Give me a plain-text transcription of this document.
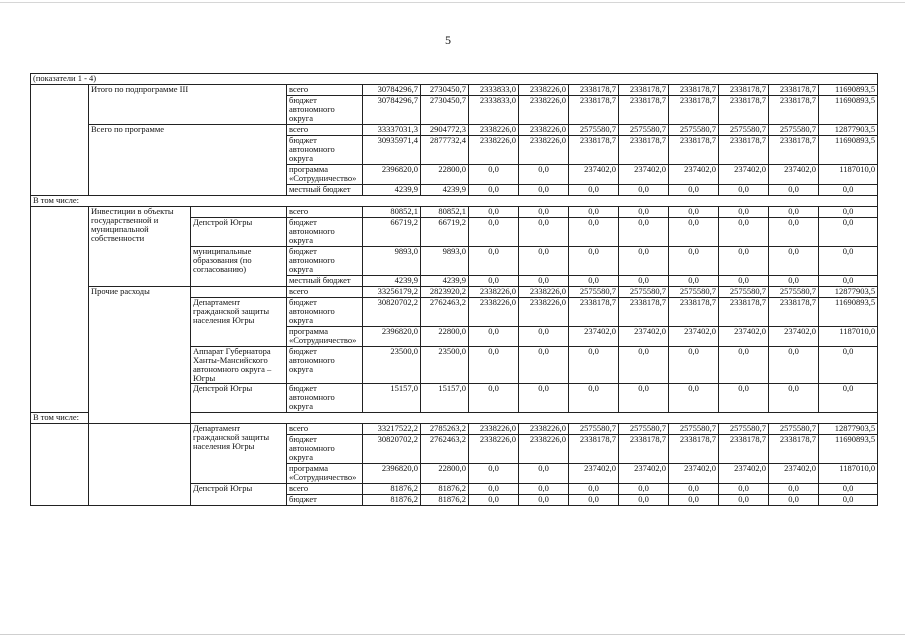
5
(показатели 1 - 4)													
	Итого по подпрограмме III		всего	30784296,7	2730450,7	2333833,0	2338226,0	2338178,7	2338178,7	2338178,7	2338178,7	2338178,7	11690893,5
			бюджет автономного округа	30784296,7	2730450,7	2333833,0	2338226,0	2338178,7	2338178,7	2338178,7	2338178,7	2338178,7	11690893,5
	Всего по программе		всего	33337031,3	2904772,3	2338226,0	2338226,0	2575580,7	2575580,7	2575580,7	2575580,7	2575580,7	12877903,5
			бюджет автономного округа	30935971,4	2877732,4	2338226,0	2338226,0	2338178,7	2338178,7	2338178,7	2338178,7	2338178,7	11690893,5
			программа «Сотрудничество»	2396820,0	22800,0	0,0	0,0	237402,0	237402,0	237402,0	237402,0	237402,0	1187010,0
			местный бюджет	4239,9	4239,9	0,0	0,0	0,0	0,0	0,0	0,0	0,0	0,0
В том числе:													
	Инвестиции в объекты государственной и муниципальной собственности		всего	80852,1	80852,1	0,0	0,0	0,0	0,0	0,0	0,0	0,0	0,0
		Депстрой Югры	бюджет автономного округа	66719,2	66719,2	0,0	0,0	0,0	0,0	0,0	0,0	0,0	0,0
		муниципальные образования (по согласованию)	бюджет автономного округа	9893,0	9893,0	0,0	0,0	0,0	0,0	0,0	0,0	0,0	0,0
			местный бюджет	4239,9	4239,9	0,0	0,0	0,0	0,0	0,0	0,0	0,0	0,0
	Прочие расходы		всего	33256179,2	2823920,2	2338226,0	2338226,0	2575580,7	2575580,7	2575580,7	2575580,7	2575580,7	12877903,5
		Департамент гражданской защиты населения Югры	бюджет автономного округа	30820702,2	2762463,2	2338226,0	2338226,0	2338178,7	2338178,7	2338178,7	2338178,7	2338178,7	11690893,5
			программа «Сотрудничество»	2396820,0	22800,0	0,0	0,0	237402,0	237402,0	237402,0	237402,0	237402,0	1187010,0
		Аппарат Губернатора Ханты-Мансийского автономного округа – Югры	бюджет автономного округа	23500,0	23500,0	0,0	0,0	0,0	0,0	0,0	0,0	0,0	0,0
		Депстрой Югры	бюджет автономного округа	15157,0	15157,0	0,0	0,0	0,0	0,0	0,0	0,0	0,0	0,0
В том числе:													
		Департамент гражданской защиты населения Югры	всего	33217522,2	2785263,2	2338226,0	2338226,0	2575580,7	2575580,7	2575580,7	2575580,7	2575580,7	12877903,5
			бюджет автономного округа	30820702,2	2762463,2	2338226,0	2338226,0	2338178,7	2338178,7	2338178,7	2338178,7	2338178,7	11690893,5
			программа «Сотрудничество»	2396820,0	22800,0	0,0	0,0	237402,0	237402,0	237402,0	237402,0	237402,0	1187010,0
		Депстрой Югры	всего	81876,2	81876,2	0,0	0,0	0,0	0,0	0,0	0,0	0,0	0,0
			бюджет	81876,2	81876,2	0,0	0,0	0,0	0,0	0,0	0,0	0,0	0,0
